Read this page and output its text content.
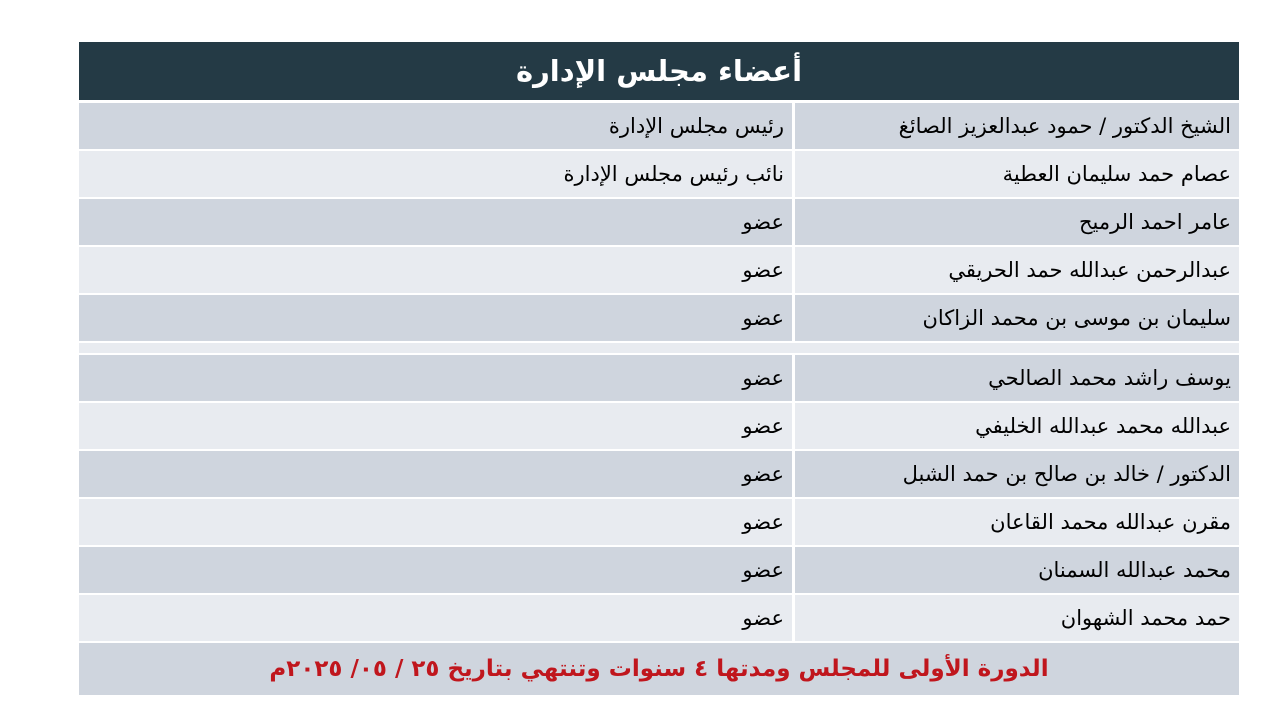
أعضاء مجلس الإدارة
الشيخ الدكتور / حمود عبدالعزيز الصائغ
رئيس مجلس الإدارة
عصام حمد سليمان العطية
نائب رئيس مجلس الإدارة
عامر احمد الرميح
عضو
عبدالرحمن عبدالله حمد الحريقي
عضو
سليمان بن موسى بن محمد الزاكان
عضو
يوسف راشد محمد الصالحي
عضو
عبدالله محمد عبدالله الخليفي
عضو
الدكتور / خالد بن صالح بن حمد الشبل
عضو
مقرن عبدالله محمد القاعان
عضو
محمد عبدالله السمنان
عضو
حمد محمد الشهوان
عضو
الدورة الأولى للمجلس ومدتها ٤ سنوات وتنتهي بتاريخ ٢٥ / ٠٥/ ٢٠٢٥م
